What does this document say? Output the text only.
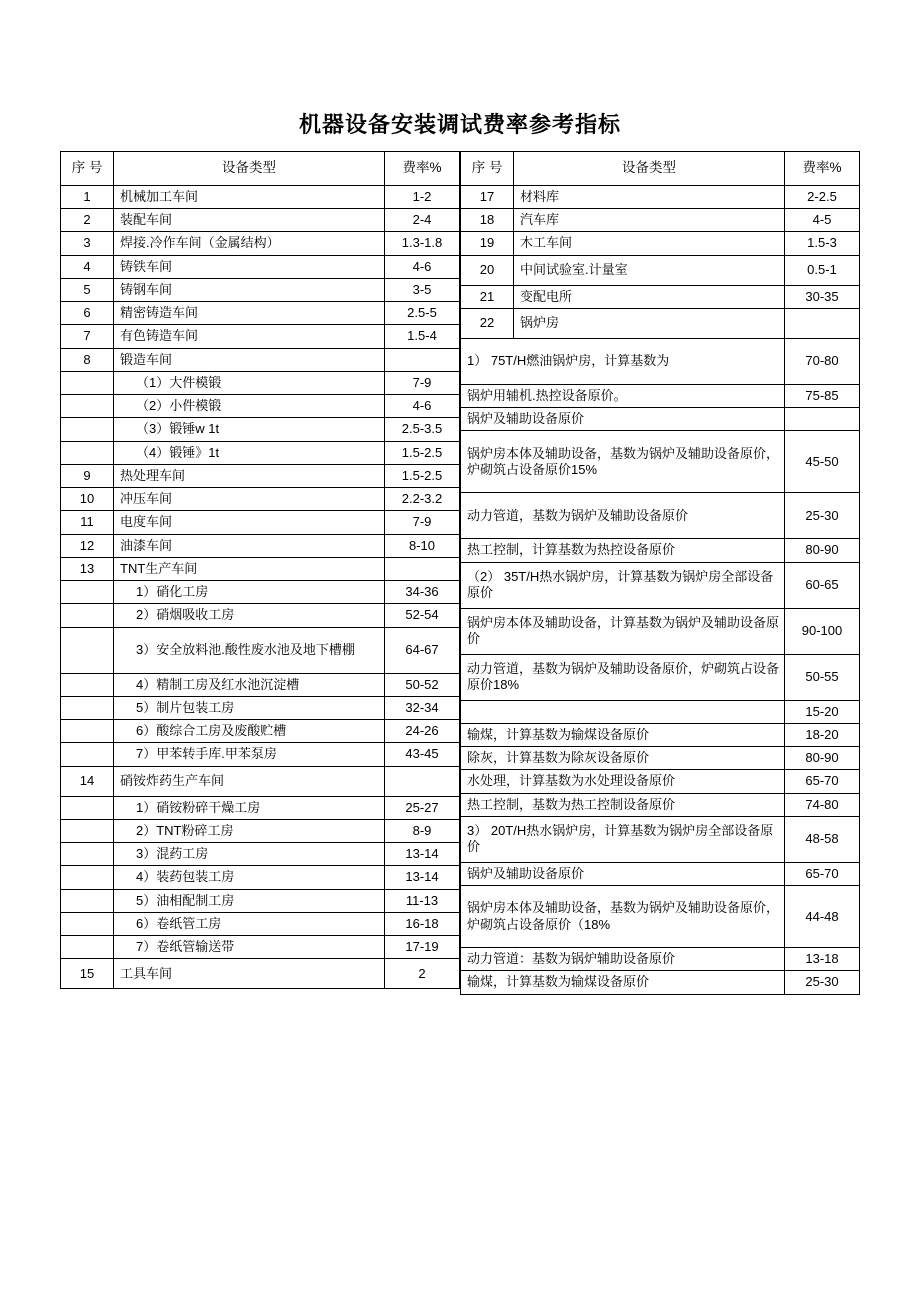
机器设备安装调试费率参考指标
序 号	设备类型	费率%
1	机械加工车间	1-2
2	装配车间	2-4
3	焊接.冷作车间（金属结构）	1.3-1.8
4	铸铁车间	4-6
5	铸钢车间	3-5
6	精密铸造车间	2.5-5
7	有色铸造车间	1.5-4
8	锻造车间	
	（1）大件模锻	7-9
	（2）小件模锻	4-6
	（3）锻锤w 1t	2.5-3.5
	（4）锻锤》1t	1.5-2.5
9	热处理车间	1.5-2.5
10	冲压车间	2.2-3.2
11	电度车间	7-9
12	油漆车间	8-10
13	TNT生产车间	
	1）硝化工房	34-36
	2）硝烟吸收工房	52-54
	3）安全放料池.酸性废水池及地下槽棚	64-67
	4）精制工房及红水池沉淀槽	50-52
	5）制片包装工房	32-34
	6）酸综合工房及废酸贮槽	24-26
	7）甲苯转手库.甲苯泵房	43-45
14	硝铵炸药生产车间	
	1）硝铵粉碎干燥工房	25-27
	2）TNT粉碎工房	8-9
	3）混药工房	13-14
	4）装药包装工房	13-14
	5）油相配制工房	11-13
	6）卷纸管工房	16-18
	7）卷纸管输送带	17-19
15	工具车间	2
序 号	设备类型	费率%
17	材料库	2-2.5
18	汽车库	4-5
19	木工车间	1.5-3
20	中间试验室.计量室	0.5-1
21	变配电所	30-35
22	锅炉房	
1） 75T/H燃油锅炉房，计算基数为		70-80
锅炉用辅机.热控设备原价。		75-85
锅炉及辅助设备原价		
锅炉房本体及辅助设备，基数为锅炉及辅助设备原价，炉砌筑占设备原价15%		45-50
动力管道，基数为锅炉及辅助设备原价		25-30
热工控制，计算基数为热控设备原价		80-90
（2） 35T/H热水锅炉房，计算基数为锅炉房全部设备原价		60-65
锅炉房本体及辅助设备，计算基数为锅炉及辅助设备原价		90-100
动力管道，基数为锅炉及辅助设备原价，炉砌筑占设备原价18%		50-55
		15-20
输煤，计算基数为输煤设备原价		18-20
除灰，计算基数为除灰设备原价		80-90
水处理，计算基数为水处理设备原价		65-70
热工控制，基数为热工控制设备原价		74-80
3） 20T/H热水锅炉房，计算基数为锅炉房全部设备原价		48-58
锅炉及辅助设备原价		65-70
锅炉房本体及辅助设备，基数为锅炉及辅助设备原价，炉砌筑占设备原价（18%		44-48
动力管道：基数为锅炉辅助设备原价		13-18
输煤，计算基数为输煤设备原价		25-30
